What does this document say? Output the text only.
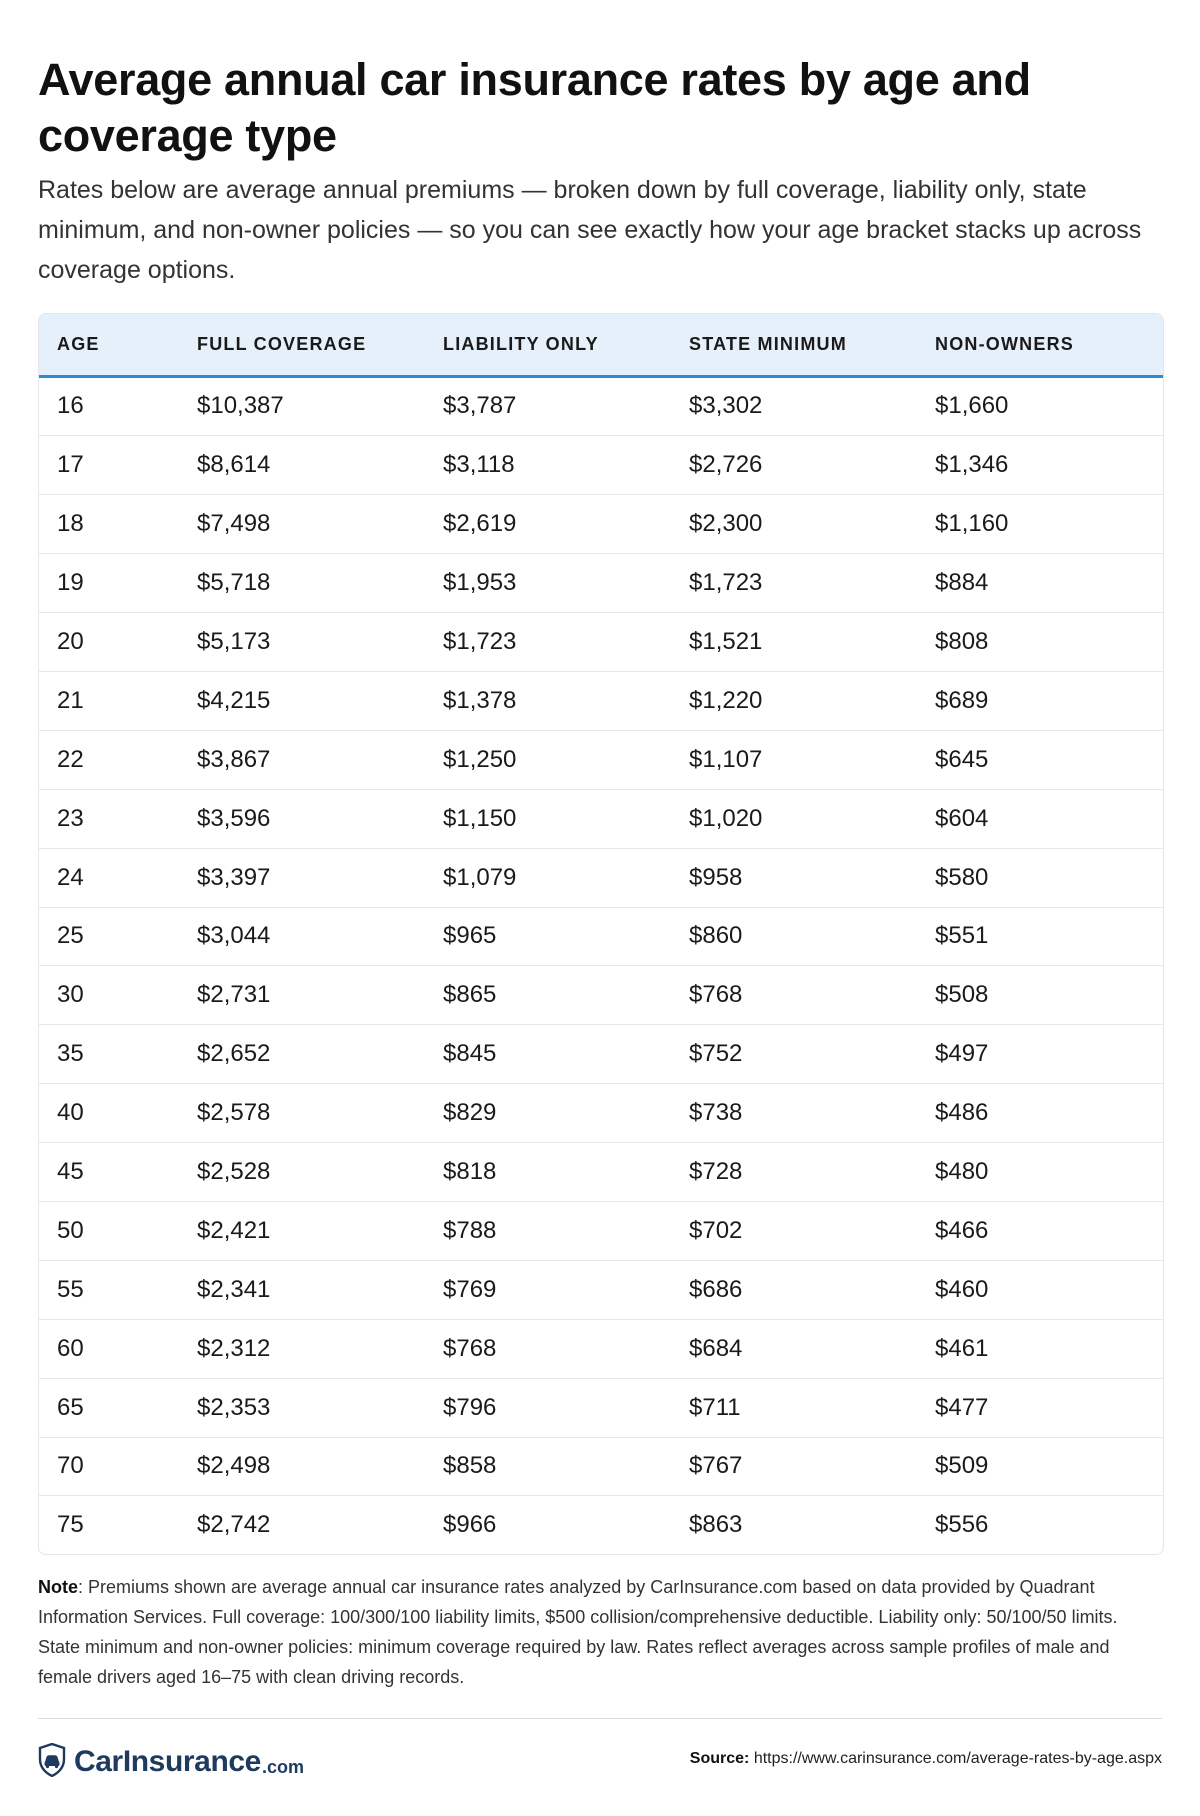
Average annual car insurance rates by age and coverage type

Rates below are average annual premiums — broken down by full coverage, liability only, state minimum, and non-owner policies — so you can see exactly how your age bracket stacks up across coverage options.

AGE	FULL COVERAGE	LIABILITY ONLY	STATE MINIMUM	NON-OWNERS
16	$10,387	$3,787	$3,302	$1,660
17	$8,614	$3,118	$2,726	$1,346
18	$7,498	$2,619	$2,300	$1,160
19	$5,718	$1,953	$1,723	$884
20	$5,173	$1,723	$1,521	$808
21	$4,215	$1,378	$1,220	$689
22	$3,867	$1,250	$1,107	$645
23	$3,596	$1,150	$1,020	$604
24	$3,397	$1,079	$958	$580
25	$3,044	$965	$860	$551
30	$2,731	$865	$768	$508
35	$2,652	$845	$752	$497
40	$2,578	$829	$738	$486
45	$2,528	$818	$728	$480
50	$2,421	$788	$702	$466
55	$2,341	$769	$686	$460
60	$2,312	$768	$684	$461
65	$2,353	$796	$711	$477
70	$2,498	$858	$767	$509
75	$2,742	$966	$863	$556

Note: Premiums shown are average annual car insurance rates analyzed by CarInsurance.com based on data provided by Quadrant Information Services. Full coverage: 100/300/100 liability limits, $500 collision/comprehensive deductible. Liability only: 50/100/50 limits. State minimum and non-owner policies: minimum coverage required by law. Rates reflect averages across sample profiles of male and female drivers aged 16–75 with clean driving records.

CarInsurance .com	Source: https://www.carinsurance.com/average-rates-by-age.aspx
